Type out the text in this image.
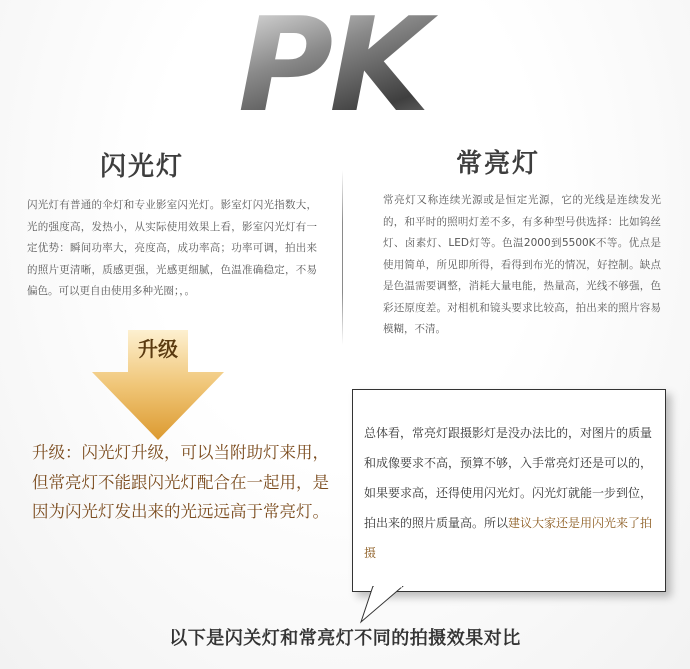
PK
闪光灯	常亮灯

闪光灯有普通的伞灯和专业影室闪光灯。影室灯闪光指数大，光的强度高，发热小，从实际使用效果上看，影室闪光灯有一定优势：瞬间功率大，亮度高，成功率高；功率可调，拍出来的照片更清晰，质感更强，光感更细腻，色温准确稳定，不易偏色。可以更自由使用多种光圈；，。

常亮灯又称连续光源或是恒定光源，它的光线是连续发光的，和平时的照明灯差不多，有多种型号供选择：比如钨丝灯、卤素灯、LED灯等。色温2000到5500K不等。优点是使用简单，所见即所得，看得到布光的情况，好控制。缺点是色温需要调整，消耗大量电能，热量高，光线不够强，色彩还原度差。对相机和镜头要求比较高，拍出来的照片容易模糊，不清。

升级

升级：闪光灯升级，可以当附助灯来用，但常亮灯不能跟闪光灯配合在一起用，是因为闪光灯发出来的光远远高于常亮灯。

总体看，常亮灯跟摄影灯是没办法比的，对图片的质量和成像要求不高，预算不够，入手常亮灯还是可以的，如果要求高，还得使用闪光灯。闪光灯就能一步到位，拍出来的照片质量高。所以建议大家还是用闪光来了拍摄

以下是闪关灯和常亮灯不同的拍摄效果对比
